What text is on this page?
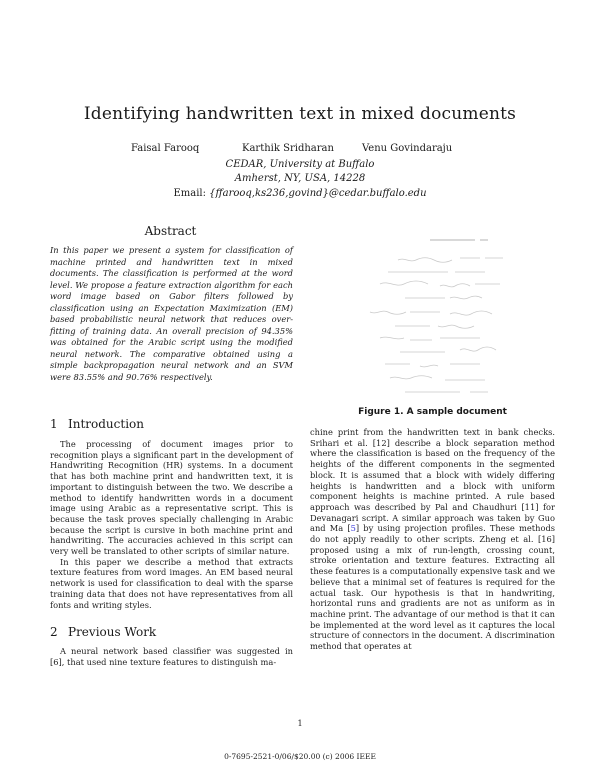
Identifying handwritten text in mixed documents
Faisal Farooq	Karthik Sridharan	Venu Govindaraju
CEDAR, University at Buffalo
Amherst, NY, USA, 14228
Email: {ffarooq,ks236,govind}@cedar.buffalo.edu
Abstract
In this paper we present a system for classification of machine printed and handwritten text in mixed documents. The classification is performed at the word level. We propose a feature extraction algorithm for each word image based on Gabor filters followed by classification using an Expectation Maximization (EM) based probabilistic neural network that reduces over-fitting of training data. An overall precision of 94.35% was obtained for the Arabic script using the modified neural network. The comparative obtained using a simple backpropagation neural network and an SVM were 83.55% and 90.76% respectively.
Figure 1. A sample document
1 Introduction

The processing of document images prior to recognition plays a significant part in the development of Handwriting Recognition (HR) systems. In a document that has both machine print and handwritten text, it is important to distinguish between the two. We describe a method to identify handwritten words in a document image using Arabic as a representative script. This is because the task proves specially challenging in Arabic because the script is cursive in both machine print and handwriting. The accuracies achieved in this script can very well be translated to other scripts of similar nature.

In this paper we describe a method that extracts texture features from word images. An EM based neural network is used for classification to deal with the sparse training data that does not have representatives from all fonts and writing styles.

2 Previous Work

A neural network based classifier was suggested in [6], that used nine texture features to distinguish ma-

chine print from the handwritten text in bank checks. Srihari et al. [12] describe a block separation method where the classification is based on the frequency of the heights of the different components in the segmented block. It is assumed that a block with widely differing heights is handwritten and a block with uniform component heights is machine printed. A rule based approach was described by Pal and Chaudhuri [11] for Devanagari script. A similar approach was taken by Guo and Ma [5] by using projection profiles. These methods do not apply readily to other scripts. Zheng et al. [16] proposed using a mix of run-length, crossing count, stroke orientation and texture features. Extracting all these features is a computationally expensive task and we believe that a minimal set of features is required for the actual task. Our hypothesis is that in handwriting, horizontal runs and gradients are not as uniform as in machine print. The advantage of our method is that it can be implemented at the word level as it captures the local structure of connectors in the document. A discrimination method that operates at

1
0-7695-2521-0/06/$20.00 (c) 2006 IEEE
